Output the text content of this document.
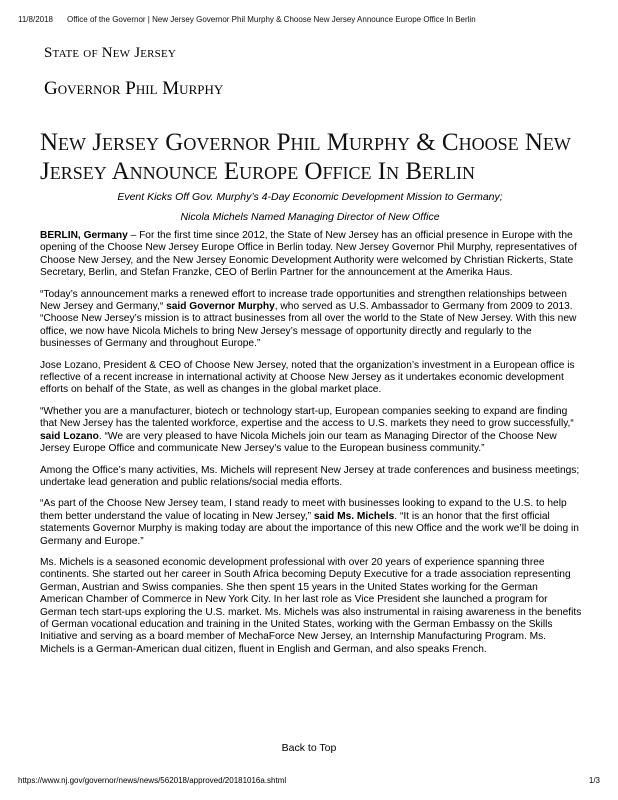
11/8/2018 Office of the Governor | New Jersey Governor Phil Murphy & Choose New Jersey Announce Europe Office In Berlin
State of New Jersey
Governor Phil Murphy
New Jersey Governor Phil Murphy & Choose New Jersey Announce Europe Office In Berlin

Event Kicks Off Gov. Murphy’s 4-Day Economic Development Mission to Germany;

Nicola Michels Named Managing Director of New Office

BERLIN, Germany – For the first time since 2012, the State of New Jersey has an official presence in Europe with the opening of the Choose New Jersey Europe Office in Berlin today. New Jersey Governor Phil Murphy, representatives of Choose New Jersey, and the New Jersey Eonomic Development Authority were welcomed by Christian Rickerts, State Secretary, Berlin, and Stefan Franzke, CEO of Berlin Partner for the announcement at the Amerika Haus.

“Today’s announcement marks a renewed effort to increase trade opportunities and strengthen relationships between New Jersey and Germany,“ said Governor Murphy, who served as U.S. Ambassador to Germany from 2009 to 2013. “Choose New Jersey’s mission is to attract businesses from all over the world to the State of New Jersey. With this new office, we now have Nicola Michels to bring New Jersey’s message of opportunity directly and regularly to the businesses of Germany and throughout Europe.”

Jose Lozano, President & CEO of Choose New Jersey, noted that the organization’s investment in a European office is reflective of a recent increase in international activity at Choose New Jersey as it undertakes economic development efforts on behalf of the State, as well as changes in the global market place.

“Whether you are a manufacturer, biotech or technology start-up, European companies seeking to expand are finding that New Jersey has the talented workforce, expertise and the access to U.S. markets they need to grow successfully,“ said Lozano. “We are very pleased to have Nicola Michels join our team as Managing Director of the Choose New Jersey Europe Office and communicate New Jersey’s value to the European business community.”

Among the Office’s many activities, Ms. Michels will represent New Jersey at trade conferences and business meetings; undertake lead generation and public relations/social media efforts.

“As part of the Choose New Jersey team, I stand ready to meet with businesses looking to expand to the U.S. to help them better understand the value of locating in New Jersey,” said Ms. Michels. “It is an honor that the first official statements Governor Murphy is making today are about the importance of this new Office and the work we’ll be doing in Germany and Europe.”

Ms. Michels is a seasoned economic development professional with over 20 years of experience spanning three continents. She started out her career in South Africa becoming Deputy Executive for a trade association representing German, Austrian and Swiss companies. She then spent 15 years in the United States working for the German American Chamber of Commerce in New York City. In her last role as Vice President she launched a program for German tech start-ups exploring the U.S. market. Ms. Michels was also instrumental in raising awareness in the benefits of German vocational education and training in the United States, working with the German Embassy on the Skills Initiative and serving as a board member of MechaForce New Jersey, an Internship Manufacturing Program. Ms. Michels is a German-American dual citizen, fluent in English and German, and also speaks French.

Back to Top
https://www.nj.gov/governor/news/news/562018/approved/20181016a.shtml	1/3
